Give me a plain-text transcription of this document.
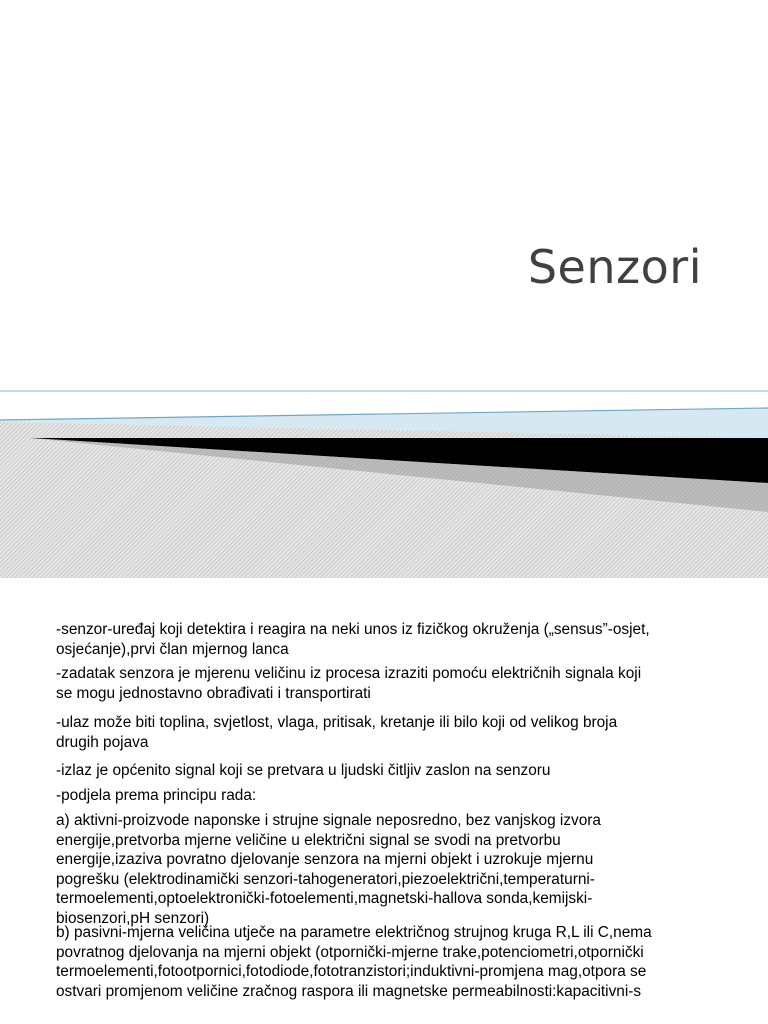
Senzori
-senzor-uređaj koji detektira i reagira na neki unos iz fizičkog okruženja („sensus”-osjet,
osjećanje),prvi član mjernog lanca
-zadatak senzora je mjerenu veličinu iz procesa izraziti pomoću električnih signala koji
se mogu jednostavno obrađivati i transportirati
-ulaz može biti toplina, svjetlost, vlaga, pritisak, kretanje ili bilo koji od velikog broja
drugih pojava
-izlaz je općenito signal koji se pretvara u ljudski čitljiv zaslon na senzoru
-podjela prema principu rada:
a) aktivni-proizvode naponske i strujne signale neposredno, bez vanjskog izvora
energije,pretvorba mjerne veličine u električni signal se svodi na pretvorbu
energije,izaziva povratno djelovanje senzora na mjerni objekt i uzrokuje mjernu
pogrešku (elektrodinamički senzori-tahogeneratori,piezoelektrični,temperaturni-
termoelementi,optoelektronički-fotoelementi,magnetski-hallova sonda,kemijski-
biosenzori,pH senzori)
b) pasivni-mjerna veličina utječe na parametre električnog strujnog kruga R,L ili C,nema
povratnog djelovanja na mjerni objekt (otpornički-mjerne trake,potenciometri,otpornički
termoelementi,fotootpornici,fotodiode,fototranzistori;induktivni-promjena mag,otpora se
ostvari promjenom veličine zračnog raspora ili magnetske permeabilnosti:kapacitivni-s
